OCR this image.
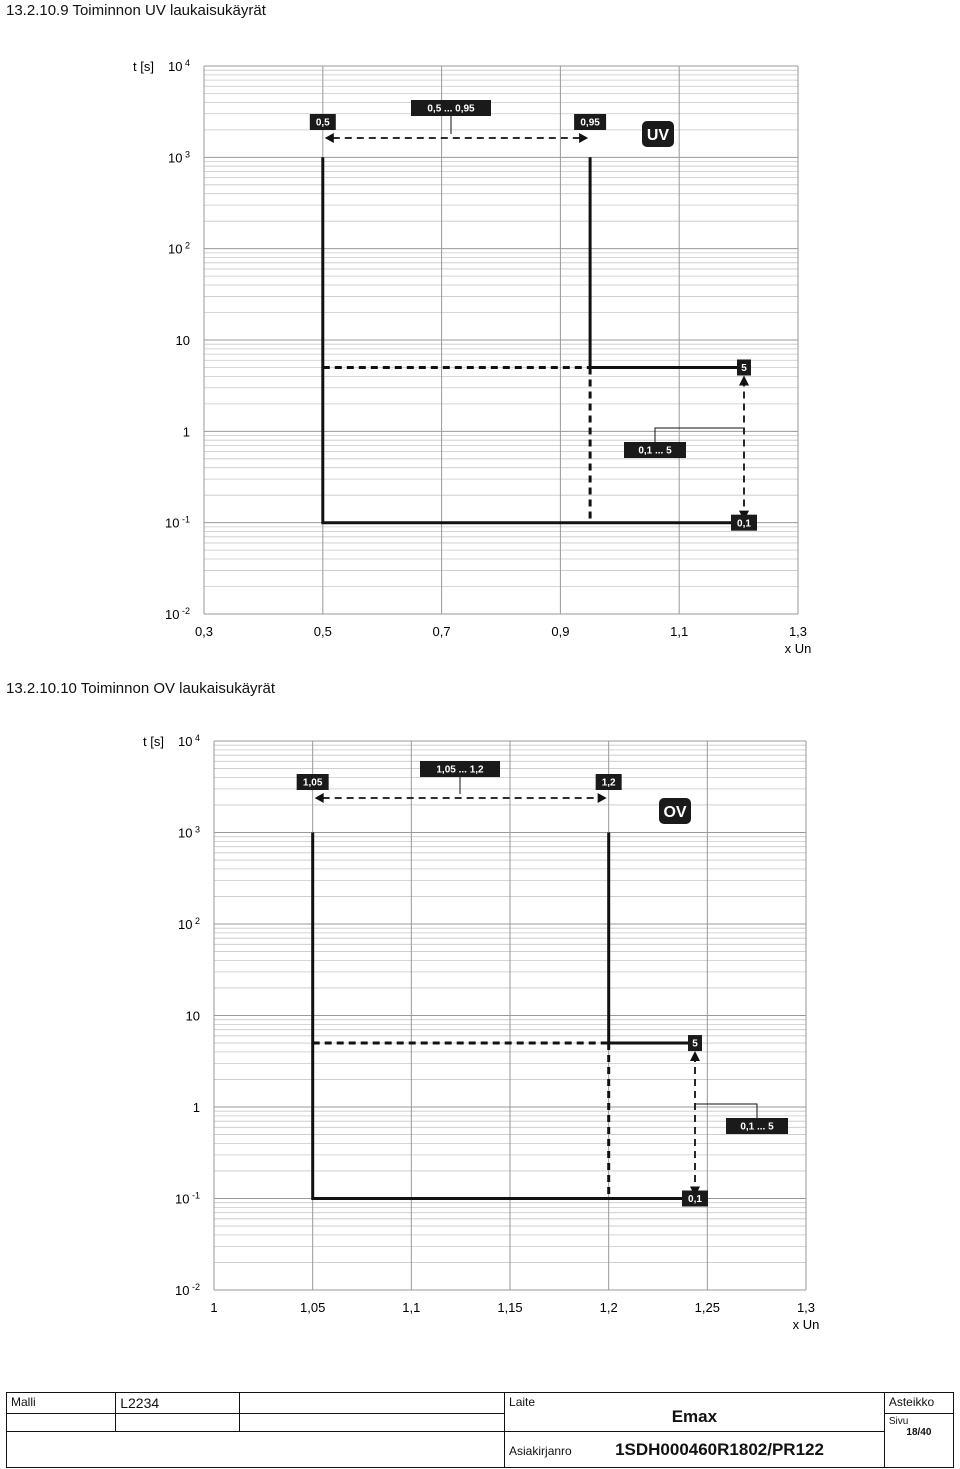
13.2.10.9 Toiminnon UV laukaisukäyrät
10 $^4$
10 $^3$
10 $^2$
10
1
10 $^{-1}$
10 $^{-2}$
t [s]
0,3	0,5	0,7	0,9	1,1	1,3
x Un
0,5	0,95
0,5 ... 0,95
UV
5
0,1
0,1 ... 5
13.2.10.10 Toiminnon OV laukaisukäyrät
10 $^4$
10 $^3$
10 $^2$
10
1
10 $^{-1}$
10 $^{-2}$
t [s]
1	1,05	1,1	1,15	1,2	1,25	1,3
x Un
1,05	1,2
1,05 ... 1,2
OV
5
0,1
0,1 ... 5
Malli	L2234		Laite
Emax	Asteikko

				Sivu
18/40

			Asiakirjanro 1SDH000460R1802/PR122	
